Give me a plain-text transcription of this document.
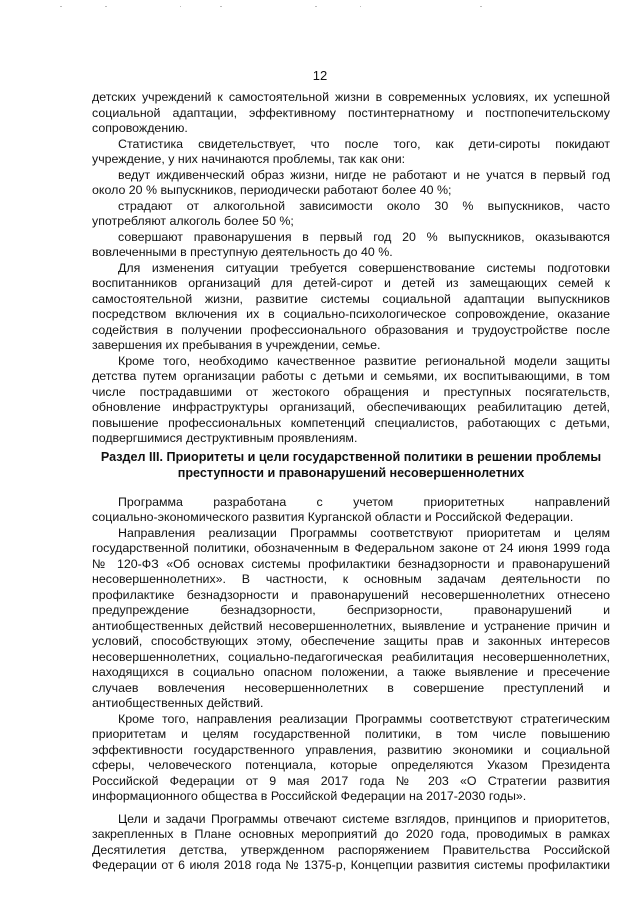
12
детских учреждений к самостоятельной жизни в современных условиях, их успешной
социальной адаптации, эффективному постинтернатному и постпопечительскому
сопровождению.
Статистика свидетельствует, что после того, как дети-сироты покидают
учреждение, у них начинаются проблемы, так как они:
ведут иждивенческий образ жизни, нигде не работают и не учатся в первый год
около 20 % выпускников, периодически работают более 40 %;
страдают от алкогольной зависимости около 30 % выпускников, часто
употребляют алкоголь более 50 %;
совершают правонарушения в первый год 20 % выпускников, оказываются
вовлеченными в преступную деятельность до 40 %.
Для изменения ситуации требуется совершенствование системы подготовки
воспитанников организаций для детей-сирот и детей из замещающих семей к
самостоятельной жизни, развитие системы социальной адаптации выпускников
посредством включения их в социально-психологическое сопровождение, оказание
содействия в получении профессионального образования и трудоустройстве после
завершения их пребывания в учреждении, семье.
Кроме того, необходимо качественное развитие региональной модели защиты
детства путем организации работы с детьми и семьями, их воспитывающими, в том
числе пострадавшими от жестокого обращения и преступных посягательств,
обновление инфраструктуры организаций, обеспечивающих реабилитацию детей,
повышение профессиональных компетенций специалистов, работающих с детьми,
подвергшимися деструктивным проявлениям.
Раздел III. Приоритеты и цели государственной политики в решении проблемы
преступности и правонарушений несовершеннолетних
Программа разработана с учетом приоритетных направлений
социально-экономического развития Курганской области и Российской Федерации.
Направления реализации Программы соответствуют приоритетам и целям
государственной политики, обозначенным в Федеральном законе от 24 июня 1999 года
№ 120-ФЗ «Об основах системы профилактики безнадзорности и правонарушений
несовершеннолетних». В частности, к основным задачам деятельности по
профилактике безнадзорности и правонарушений несовершеннолетних отнесено
предупреждение безнадзорности, беспризорности, правонарушений и
антиобщественных действий несовершеннолетних, выявление и устранение причин и
условий, способствующих этому, обеспечение защиты прав и законных интересов
несовершеннолетних, социально-педагогическая реабилитация несовершеннолетних,
находящихся в социально опасном положении, а также выявление и пресечение
случаев вовлечения несовершеннолетних в совершение преступлений и
антиобщественных действий.
Кроме того, направления реализации Программы соответствуют стратегическим
приоритетам и целям государственной политики, в том числе повышению
эффективности государственного управления, развитию экономики и социальной
сферы, человеческого потенциала, которые определяются Указом Президента
Российской Федерации от 9 мая 2017 года № 203 «О Стратегии развития
информационного общества в Российской Федерации на 2017-2030 годы».
Цели и задачи Программы отвечают системе взглядов, принципов и приоритетов,
закрепленных в Плане основных мероприятий до 2020 года, проводимых в рамках
Десятилетия детства, утвержденном распоряжением Правительства Российской
Федерации от 6 июля 2018 года № 1375-р, Концепции развития системы профилактики
